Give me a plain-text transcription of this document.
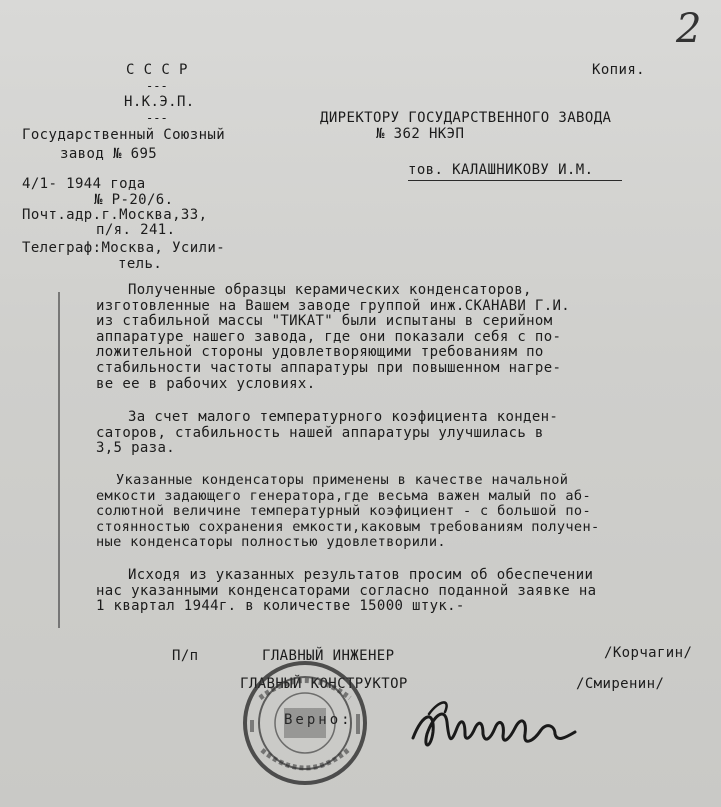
2
С С С Р
---
Н.К.Э.П.
---
Государственный Союзный
завод № 695
4/1- 1944 года
№ Р-20/6.
Почт.адр.г.Москва,33,
п/я. 241.
Телеграф:Москва, Усили-
тель.
Копия.
ДИРЕКТОРУ ГОСУДАРСТВЕННОГО ЗАВОДА
№ 362 НКЭП
тов. КАЛАШНИКОВУ И.М.
Полученные образцы керамических конденсаторов,
изготовленные на Вашем заводе группой инж.СКАНАВИ Г.И.
из стабильной массы "ТИКАТ" были испытаны в серийном
аппаратуре нашего завода, где они показали себя с по-
ложительной стороны удовлетворяющими требованиям по
стабильности частоты аппаратуры при повышенном нагре-
ве ее в рабочих условиях.
За счет малого температурного коэфициента конден-
саторов, стабильность нашей аппаратуры улучшилась в
3,5 раза.
Указанные конденсаторы применены в качестве начальной
емкости задающего генератора,где весьма важен малый по аб-
солютной величине температурный коэфициент - с большой по-
стоянностью сохранения емкости,каковым требованиям получен-
ные конденсаторы полностью удовлетворили.
Исходя из указанных результатов просим об обеспечении
нас указанными конденсаторами согласно поданной заявке на
1 квартал 1944г. в количестве 15000 штук.-
П/п	ГЛАВНЫЙ ИНЖЕНЕР	/Корчагин/
ГЛАВНЫЙ КОНСТРУКТОР	/Смиренин/
Верно:
